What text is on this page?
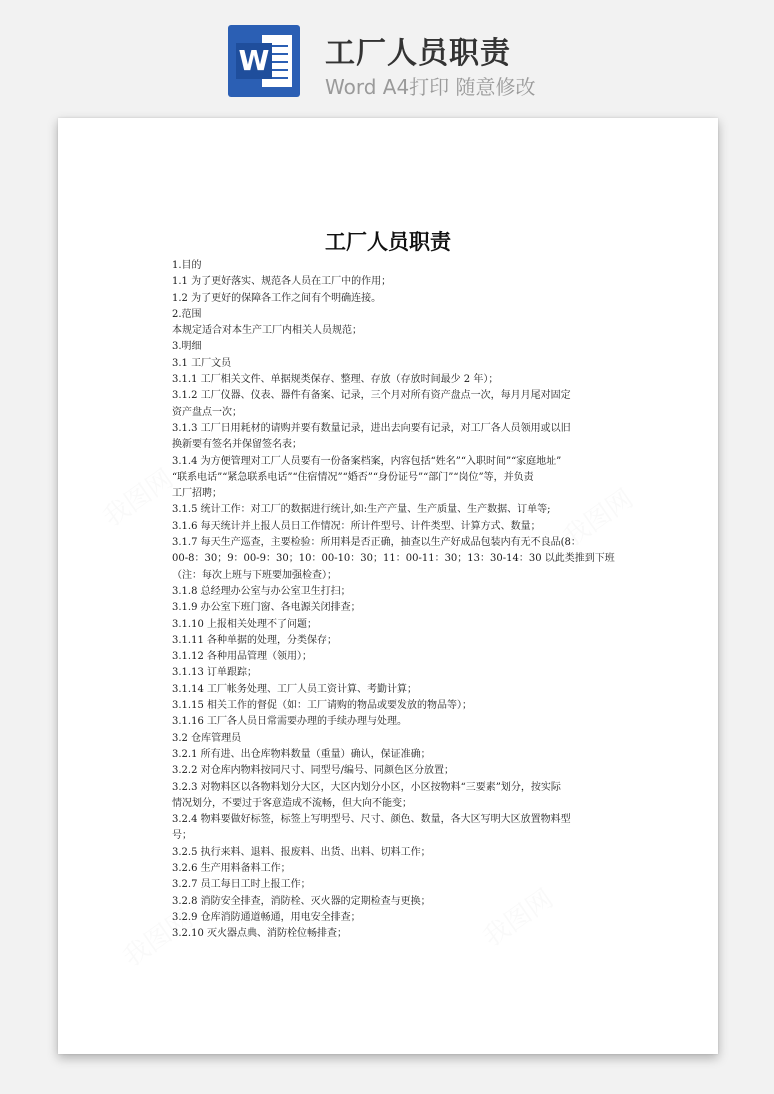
W 工厂人员职责
Word A4打印 随意修改
我图网	我图网
我图网	我图网
工厂人员职责
1.目的
1.1 为了更好落实、规范各人员在工厂中的作用；
1.2 为了更好的保障各工作之间有个明确连接。
2.范围
本规定适合对本生产工厂内相关人员规范；
3.明细
3.1 工厂文员
3.1.1 工厂相关文件、单据规类保存、整理、存放（存放时间最少 2 年）；
3.1.2 工厂仪器、仪表、器件有备案、记录，三个月对所有资产盘点一次，每月月尾对固定
资产盘点一次；
3.1.3 工厂日用耗材的请购并要有数量记录，进出去向要有记录，对工厂各人员领用或以旧
换新要有签名并保留签名表；
3.1.4 为方便管理对工厂人员要有一份备案档案，内容包括“姓名”“入职时间”“家庭地址”
“联系电话”“紧急联系电话”“住宿情况”“婚否”“身份证号”“部门”“岗位”等，并负责
工厂招聘；
3.1.5 统计工作：对工厂的数据进行统计,如:生产产量、生产质量、生产数据、订单等;
3.1.6 每天统计并上报人员日工作情况：所计件型号、计件类型、计算方式、数量；
3.1.7 每天生产巡查，主要检验：所用料是否正确，抽查以生产好成品包装内有无不良品(8：
00-8：30；9：00-9：30；10：00-10：30；11：00-11：30；13：30-14：30 以此类推到下班
（注：每次上班与下班要加强检查）；
3.1.8 总经理办公室与办公室卫生打扫；
3.1.9 办公室下班门窗、各电源关闭排查；
3.1.10 上报相关处理不了问题；
3.1.11 各种单据的处理，分类保存；
3.1.12 各种用品管理（领用）；
3.1.13 订单跟踪；
3.1.14 工厂帐务处理、工厂人员工资计算、考勤计算；
3.1.15 相关工作的督促（如：工厂请购的物品或要发放的物品等）；
3.1.16 工厂各人员日常需要办理的手续办理与处理。
3.2 仓库管理员
3.2.1 所有进、出仓库物料数量（重量）确认，保证准确；
3.2.2 对仓库内物料按同尺寸、同型号/编号、同颜色区分放置；
3.2.3 对物料区以各物料划分大区，大区内划分小区，小区按物料“三要素”划分，按实际
情况划分，不要过于客意造成不流畅，但大向不能变；
3.2.4 物料要做好标签，标签上写明型号、尺寸、颜色、数量，各大区写明大区放置物料型
号；
3.2.5 执行来料、退料、报废料、出货、出料、切料工作；
3.2.6 生产用料备料工作；
3.2.7 员工每日工时上报工作；
3.2.8 消防安全排查，消防栓、灭火器的定期检查与更换；
3.2.9 仓库消防通道畅通，用电安全排查；
3.2.10 灭火器点典、消防栓位畅排查；
